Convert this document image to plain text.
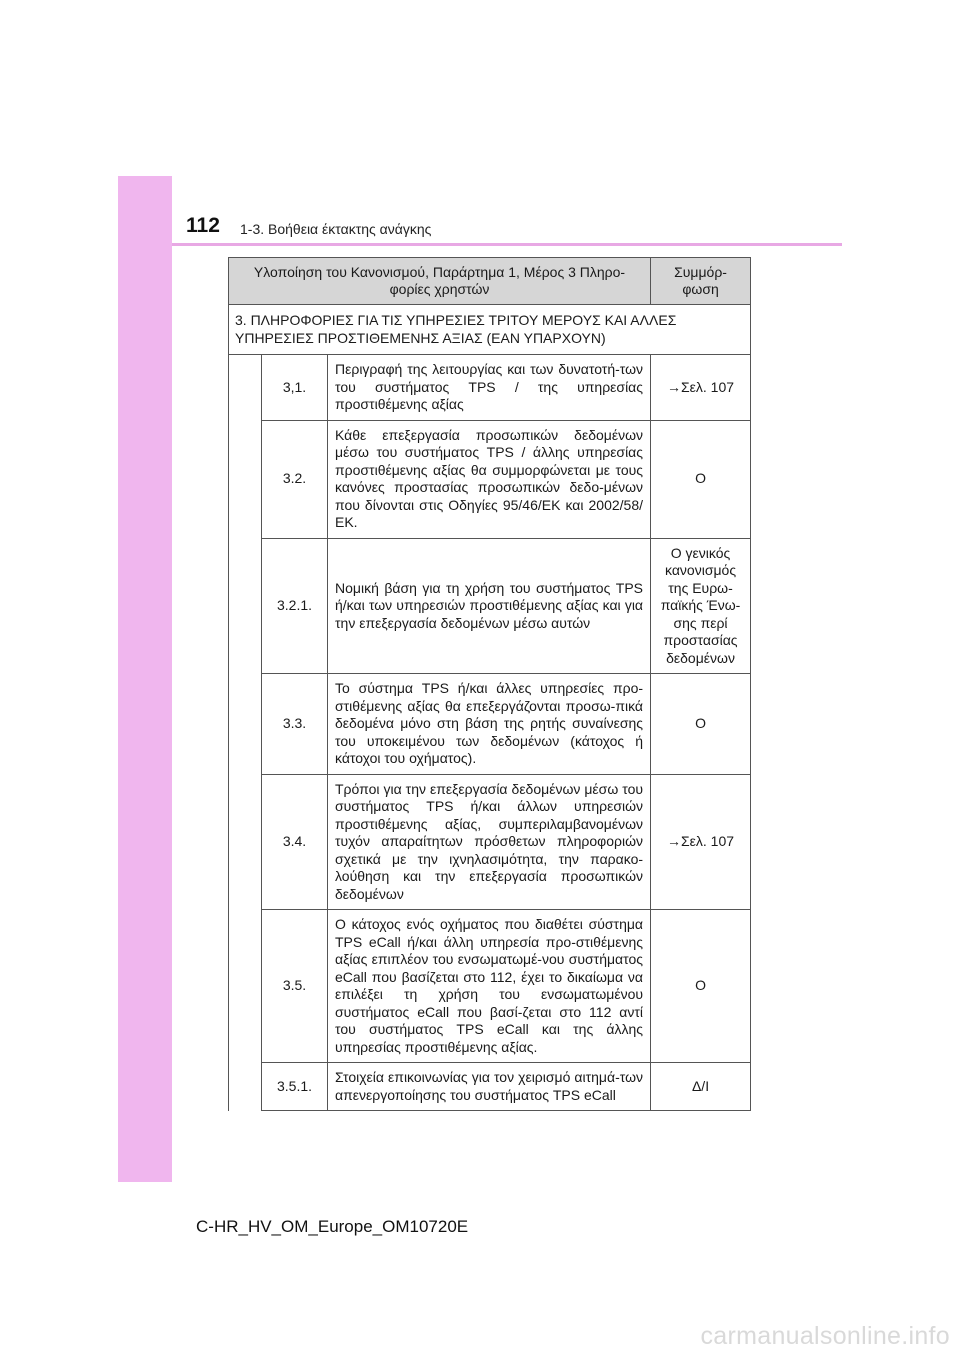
112 1-3. Βοήθεια έκτακτης ανάγκης
Υλοποίηση του Κανονισμού, Παράρτημα 1, Μέρος 3 Πληρο-φορίες χρηστών			Συμμόρ-φωση
3. ΠΛΗΡΟΦΟΡΙΕΣ ΓΙΑ ΤΙΣ ΥΠΗΡΕΣΙΕΣ ΤΡΙΤΟΥ ΜΕΡΟΥΣ ΚΑΙ ΑΛΛΕΣ ΥΠΗΡΕΣΙΕΣ ΠΡΟΣΤΙΘΕΜΕΝΗΣ ΑΞΙΑΣ (ΕΑΝ ΥΠΑΡΧΟΥΝ)			
	3,1.	Περιγραφή της λειτουργίας και των δυνατοτή-των του συστήματος TPS / της υπηρεσίας προστιθέμενης αξίας	→Σελ. 107
	3.2.	Κάθε επεξεργασία προσωπικών δεδομένων μέσω του συστήματος TPS / άλλης υπηρεσίας προστιθέμενης αξίας θα συμμορφώνεται με τους κανόνες προστασίας προσωπικών δεδο-μένων που δίνονται στις Οδηγίες 95/46/ΕΚ και 2002/58/ΕΚ.	O
	3.2.1.	Νομική βάση για τη χρήση του συστήματος TPS ή/και των υπηρεσιών προστιθέμενης αξίας και για την επεξεργασία δεδομένων μέσω αυτών	Ο γενικός κανονισμός της Ευρω-παϊκής Ένω-σης περί προστασίας δεδομένων
	3.3.	Το σύστημα TPS ή/και άλλες υπηρεσίες προ-στιθέμενης αξίας θα επεξεργάζονται προσω-πικά δεδομένα μόνο στη βάση της ρητής συναίνεσης του υποκειμένου των δεδομένων (κάτοχος ή κάτοχοι του οχήματος).	O
	3.4.	Τρόποι για την επεξεργασία δεδομένων μέσω του συστήματος TPS ή/και άλλων υπηρεσιών προστιθέμενης αξίας, συμπεριλαμβανομένων τυχόν απαραίτητων πρόσθετων πληροφοριών σχετικά με την ιχνηλασιμότητα, την παρακο-λούθηση και την επεξεργασία προσωπικών δεδομένων	→Σελ. 107
	3.5.	Ο κάτοχος ενός οχήματος που διαθέτει σύστημα TPS eCall ή/και άλλη υπηρεσία προ-στιθέμενης αξίας επιπλέον του ενσωματωμέ-νου συστήματος eCall που βασίζεται στο 112, έχει το δικαίωμα να επιλέξει τη χρήση του ενσωματωμένου συστήματος eCall που βασί-ζεται στο 112 αντί του συστήματος TPS eCall και της άλλης υπηρεσίας προστιθέμενης αξίας.	O
	3.5.1.	Στοιχεία επικοινωνίας για τον χειρισμό αιτημά-των απενεργοποίησης του συστήματος TPS eCall	Δ/Ι
C-HR_HV_OM_Europe_OM10720E
carmanualsonline.info
